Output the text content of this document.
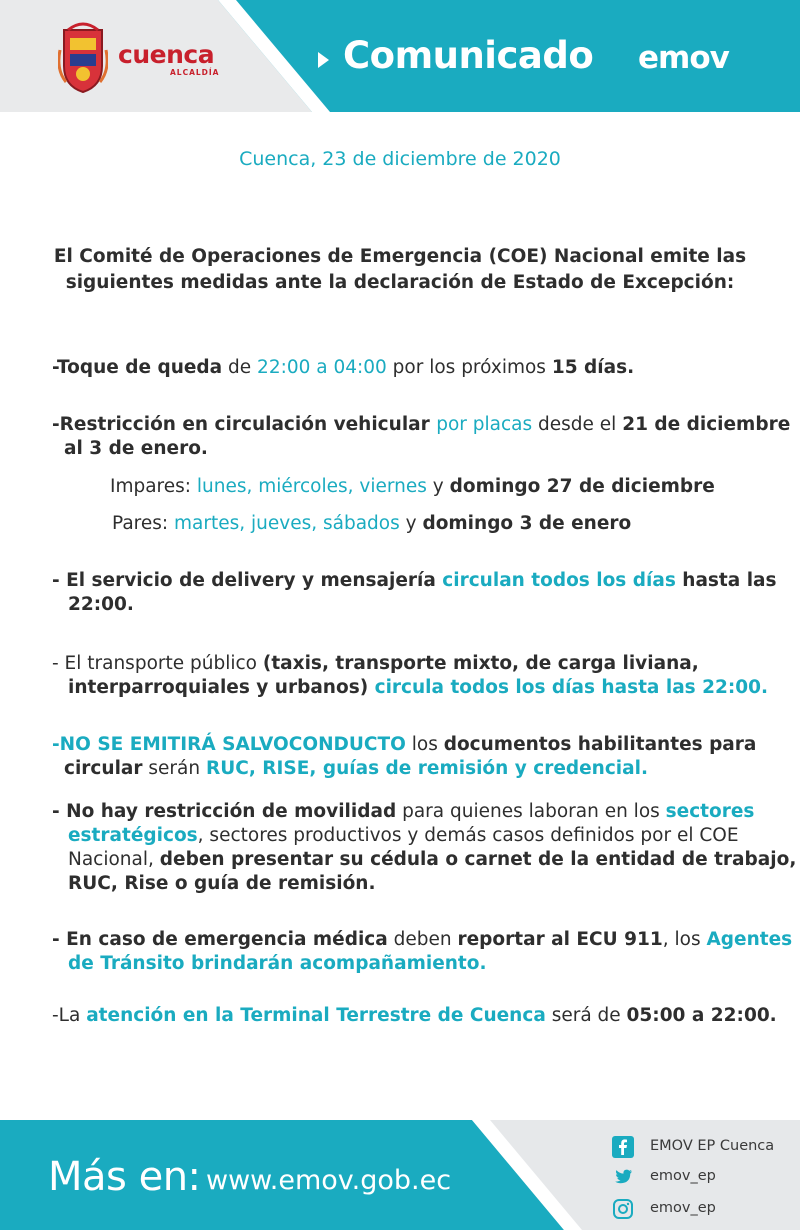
cuenca
ALCALDÍA	Comunicado emov
Cuenca, 23 de diciembre de 2020
El Comité de Operaciones de Emergencia (COE) Nacional emite las
siguientes medidas ante la declaración de Estado de Excepción:
-Toque de queda de 22:00 a 04:00 por los próximos 15 días.
-Restricción en circulación vehicular por placas desde el 21 de diciembre
al 3 de enero.
Impares: lunes, miércoles, viernes y domingo 27 de diciembre
Pares: martes, jueves, sábados y domingo 3 de enero
- El servicio de delivery y mensajería circulan todos los días hasta las
22:00.
- El transporte público (taxis, transporte mixto, de carga liviana,
interparroquiales y urbanos) circula todos los días hasta las 22:00.
-NO SE EMITIRÁ SALVOCONDUCTO los documentos habilitantes para
circular serán RUC, RISE, guías de remisión y credencial.
- No hay restricción de movilidad para quienes laboran en los sectores
estratégicos, sectores productivos y demás casos definidos por el COE
Nacional, deben presentar su cédula o carnet de la entidad de trabajo,
RUC, Rise o guía de remisión.
- En caso de emergencia médica deben reportar al ECU 911, los Agentes
de Tránsito brindarán acompañamiento.
-La atención en la Terminal Terrestre de Cuenca será de 05:00 a 22:00.
Más en: www.emov.gob.ec
EMOV EP Cuenca
emov_ep
emov_ep
